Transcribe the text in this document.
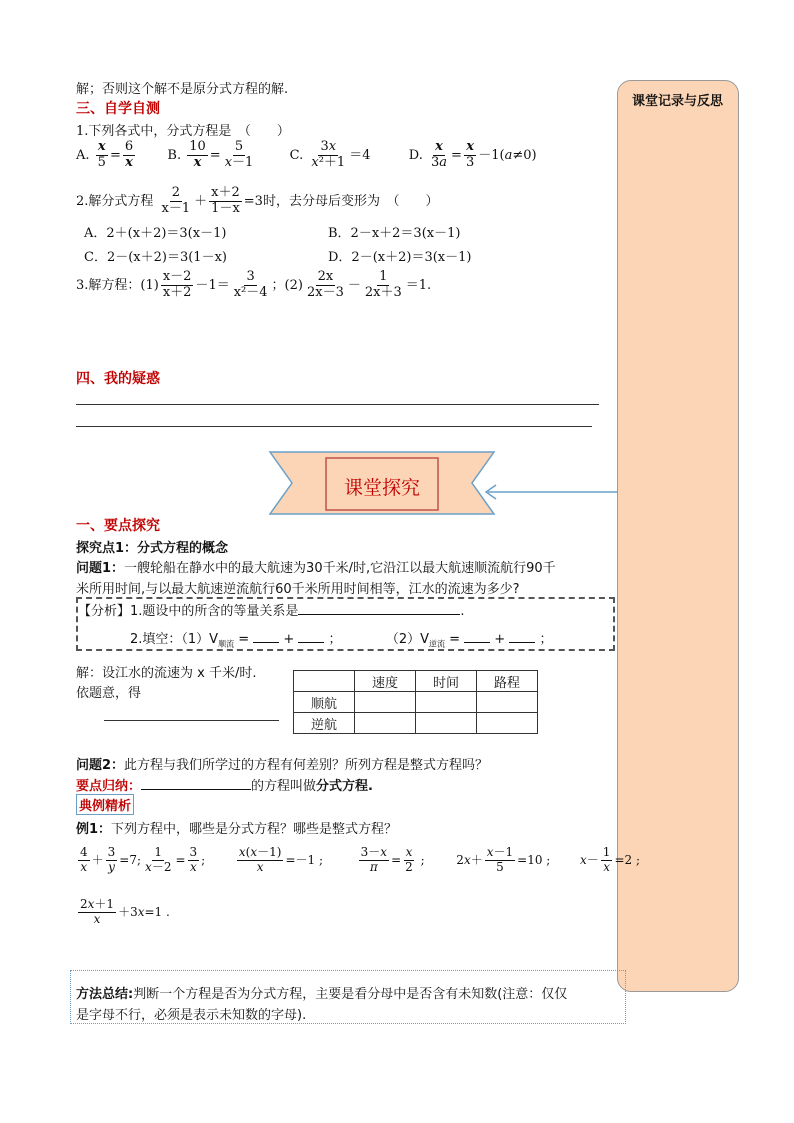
课堂记录与反思
解；否则这个解不是原分式方程的解.
三、自学自测
1.下列各式中，分式方程是　（　　）
A. $\frac{x}{5} = \frac{6}{x} B$. $\frac{10}{x} = \frac{5}{x-1}$	C. $\frac{3x}{\text{x²＋1}} =4$	D. $\frac{x}{3a} = \frac{x}{3} -1(a\ne 0)$
2.解分式方程 $\frac{2}{x-1} + \frac{x+2}{1-x} =3$时，去分母后变形为　（　　）
A．2＋(x＋2)＝3(x－1)	B．2－x＋2＝3(x－1)
C．2－(x＋2)＝3(1－x)	D．2－(x＋2)＝3(x－1)
3.解方程：$(1) \frac{x-2}{x+2} -1= \frac{3}{\text{x²－4}}$ ；$(2) \frac{2x}{2x-3} - \frac{1}{2x+3} =1$.
四、我的疑惑
课堂探究
一、要点探究
探究点1：分式方程的概念
问题1：一艘轮船在静水中的最大航速为30千米/时,它沿江以最大航速顺流航行90千
米所用时间,与以最大航速逆流航行60千米所用时间相等，江水的流速为多少?
【分析】1.题设中的所含的等量关系是	.
2.填空：$(1)V_{顺流}$ =  +  ；	$(2)V_{逆流}$ =  +  ；
解：设江水的流速为 x 千米/时.
依题意，得
	速度	时间	路程
顺航			
逆航			
问题2：此方程与我们所学过的方程有何差别？所列方程是整式方程吗？
要点归纳：	的方程叫做分式方程.
典例精析
例1：下列方程中，哪些是分式方程？哪些是整式方程？
$\frac{4}{x} + \frac{3}{y} =7$; $\frac{1}{x-2} = \frac{3}{x}$ ;	$\frac{x(x-1)}{x} =-1$ ;	$\frac{3-x}{\pi} = \frac{x}{2}$ ;	$2x+ \frac{x-1}{5} =10$ ; $x- \frac{1}{x} =2$ ;
$\frac{2x+1}{x} +3x=1$ .
方法总结:判断一个方程是否为分式方程，主要是看分母中是否含有未知数(注意：仅仅
是字母不行，必须是表示未知数的字母).
